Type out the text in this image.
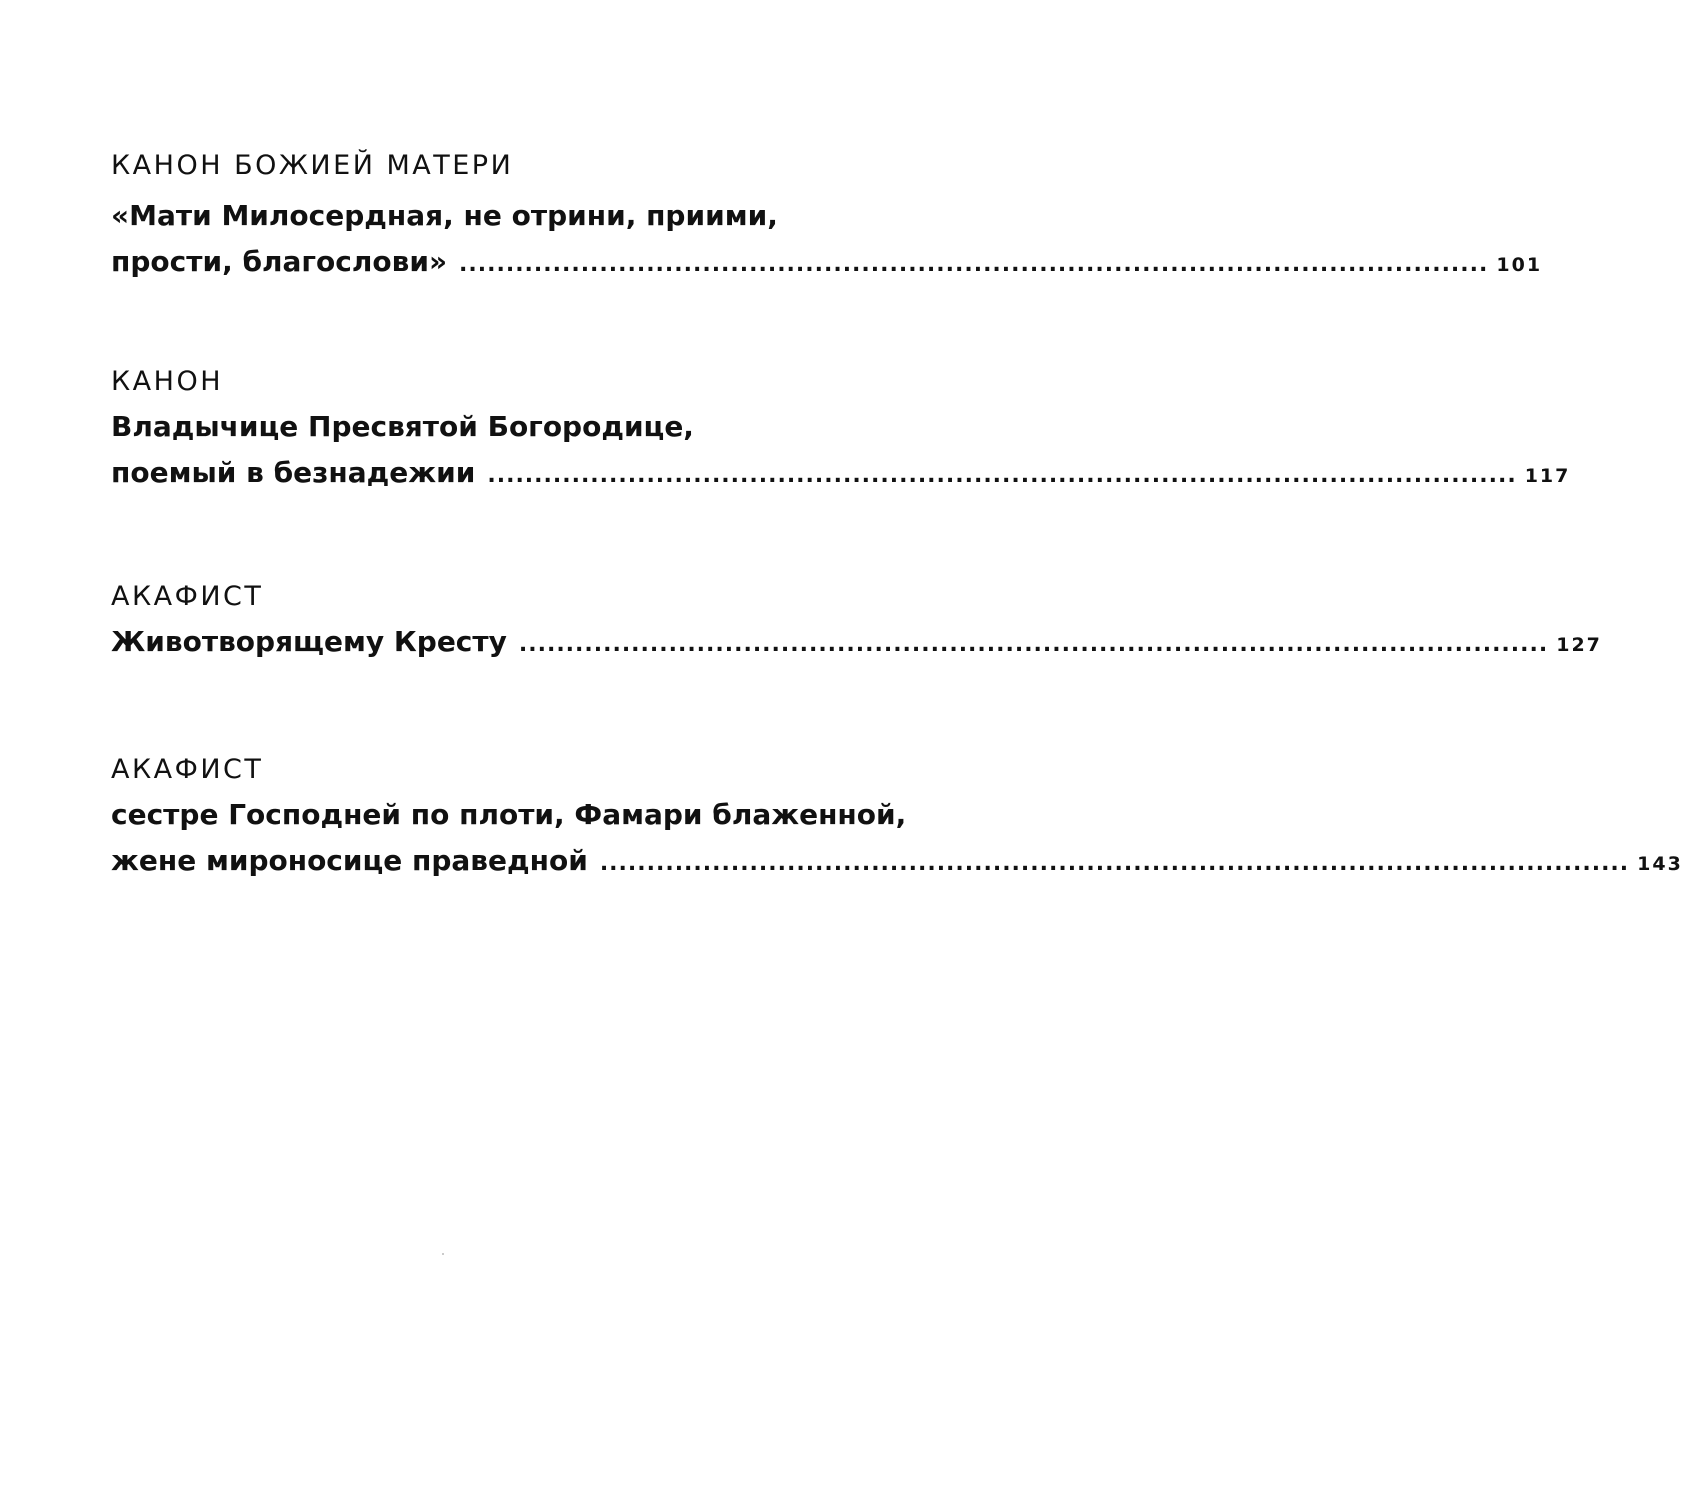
КАНОН БОЖИЕЙ МАТЕРИ
«Мати Милосердная, не отрини, приими,
прости, благослови» .............................................................................................................. 101
КАНОН
Владычице Пресвятой Богородице,
поемый в безнадежии .............................................................................................................. 117
АКАФИСТ
Животворящему Кресту .............................................................................................................. 127
АКАФИСТ
сестре Господней по плоти, Фамари блаженной,
жене мироносице праведной .............................................................................................................. 143
